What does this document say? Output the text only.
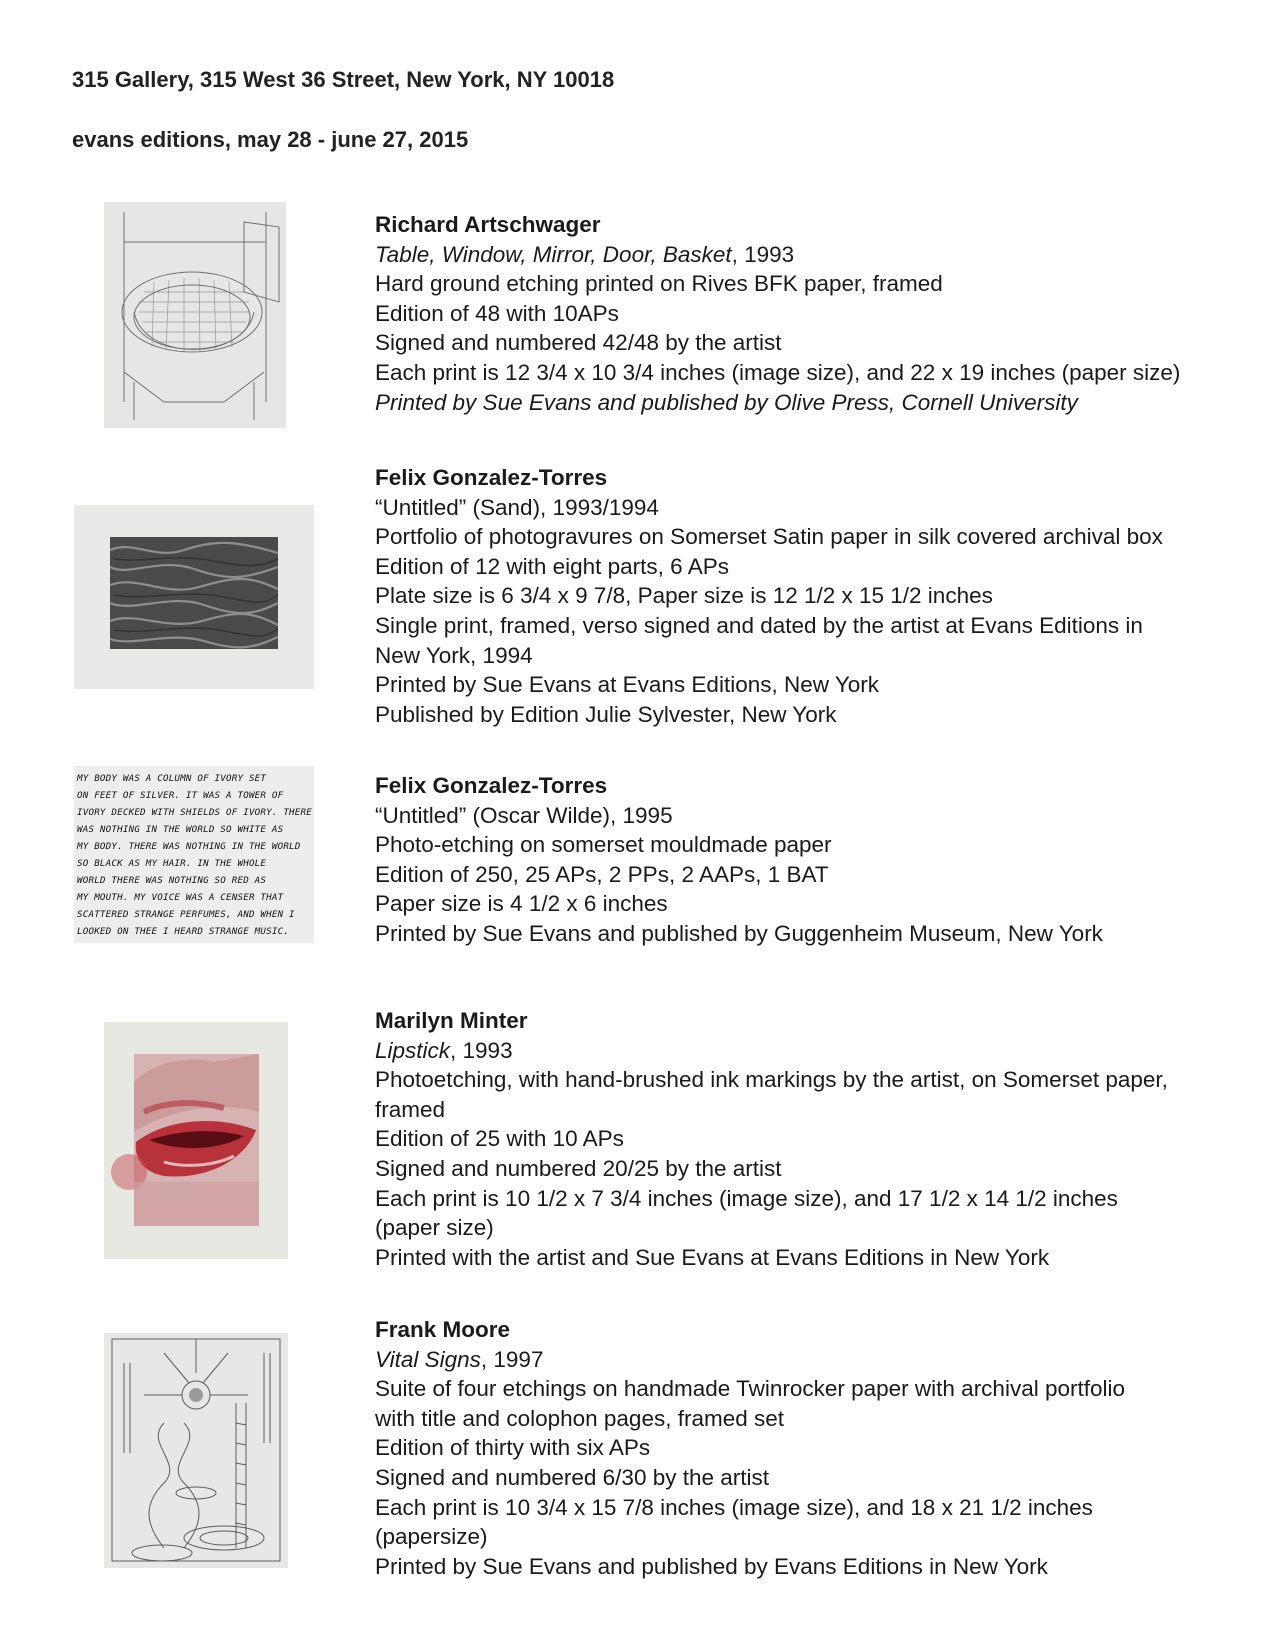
315 Gallery, 315 West 36 Street, New York, NY 10018
evans editions, may 28 - june 27, 2015
Richard Artschwager
Table, Window, Mirror, Door, Basket, 1993
Hard ground etching printed on Rives BFK paper, framed
Edition of 48 with 10APs
Signed and numbered 42/48 by the artist
Each print is 12 3/4 x 10 3/4 inches (image size), and 22 x 19 inches (paper size)
Printed by Sue Evans and published by Olive Press, Cornell University
Felix Gonzalez-Torres
“Untitled” (Sand), 1993/1994
Portfolio of photogravures on Somerset Satin paper in silk covered archival box
Edition of 12 with eight parts, 6 APs
Plate size is 6 3/4 x 9 7/8, Paper size is 12 1/2 x 15 1/2 inches
Single print, framed, verso signed and dated by the artist at Evans Editions in
New York, 1994
Printed by Sue Evans at Evans Editions, New York
Published by Edition Julie Sylvester, New York
MY BODY WAS A COLUMN OF IVORY SET
ON FEET OF SILVER. IT WAS A TOWER OF
IVORY DECKED WITH SHIELDS OF IVORY. THERE
WAS NOTHING IN THE WORLD SO WHITE AS
MY BODY. THERE WAS NOTHING IN THE WORLD
SO BLACK AS MY HAIR. IN THE WHOLE
WORLD THERE WAS NOTHING SO RED AS
MY MOUTH. MY VOICE WAS A CENSER THAT
SCATTERED STRANGE PERFUMES, AND WHEN I
LOOKED ON THEE I HEARD STRANGE MUSIC.
Felix Gonzalez-Torres
“Untitled” (Oscar Wilde), 1995
Photo-etching on somerset mouldmade paper
Edition of 250, 25 APs, 2 PPs, 2 AAPs, 1 BAT
Paper size is 4 1/2 x 6 inches
Printed by Sue Evans and published by Guggenheim Museum, New York
Marilyn Minter
Lipstick, 1993
Photoetching, with hand-brushed ink markings by the artist, on Somerset paper,
framed
Edition of 25 with 10 APs
Signed and numbered 20/25 by the artist
Each print is 10 1/2 x 7 3/4 inches (image size), and 17 1/2 x 14 1/2 inches
(paper size)
Printed with the artist and Sue Evans at Evans Editions in New York
Frank Moore
Vital Signs, 1997
Suite of four etchings on handmade Twinrocker paper with archival portfolio
with title and colophon pages, framed set
Edition of thirty with six APs
Signed and numbered 6/30 by the artist
Each print is 10 3/4 x 15 7/8 inches (image size), and 18 x 21 1/2 inches
(papersize)
Printed by Sue Evans and published by Evans Editions in New York
